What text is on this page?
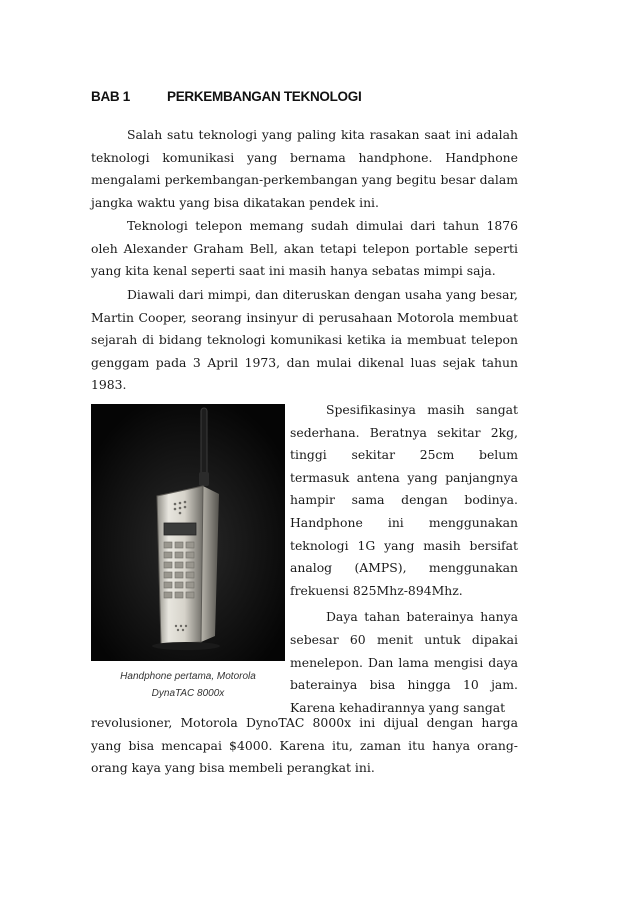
BAB 1	PERKEMBANGAN TEKNOLOGI

Salah satu teknologi yang paling kita rasakan saat ini adalah teknologi komunikasi yang bernama handphone. Handphone mengalami perkembangan-perkembangan yang begitu besar dalam jangka waktu yang bisa dikatakan pendek ini.

Teknologi telepon memang sudah dimulai dari tahun 1876 oleh Alexander Graham Bell, akan tetapi telepon portable seperti yang kita kenal seperti saat ini masih hanya sebatas mimpi saja.

Diawali dari mimpi, dan diteruskan dengan usaha yang besar, Martin Cooper, seorang insinyur di perusahaan Motorola membuat sejarah di bidang teknologi komunikasi ketika ia membuat telepon genggam pada 3 April 1973, dan mulai dikenal luas sejak tahun 1983.

Handphone pertama, Motorola
DynaTAC 8000x

Spesifikasinya masih sangat sederhana. Beratnya sekitar 2kg, tinggi sekitar 25cm belum termasuk antena yang panjangnya hampir sama dengan bodinya. Handphone ini menggunakan teknologi 1G yang masih bersifat analog (AMPS), menggunakan frekuensi 825Mhz-894Mhz.

Daya tahan baterainya hanya sebesar 60 menit untuk dipakai menelepon. Dan lama mengisi daya baterainya bisa hingga 10 jam. Karena kehadirannya yang sangat

revolusioner, Motorola DynoTAC 8000x ini dijual dengan harga yang bisa mencapai $4000. Karena itu, zaman itu hanya orang-orang kaya yang bisa membeli perangkat ini.
